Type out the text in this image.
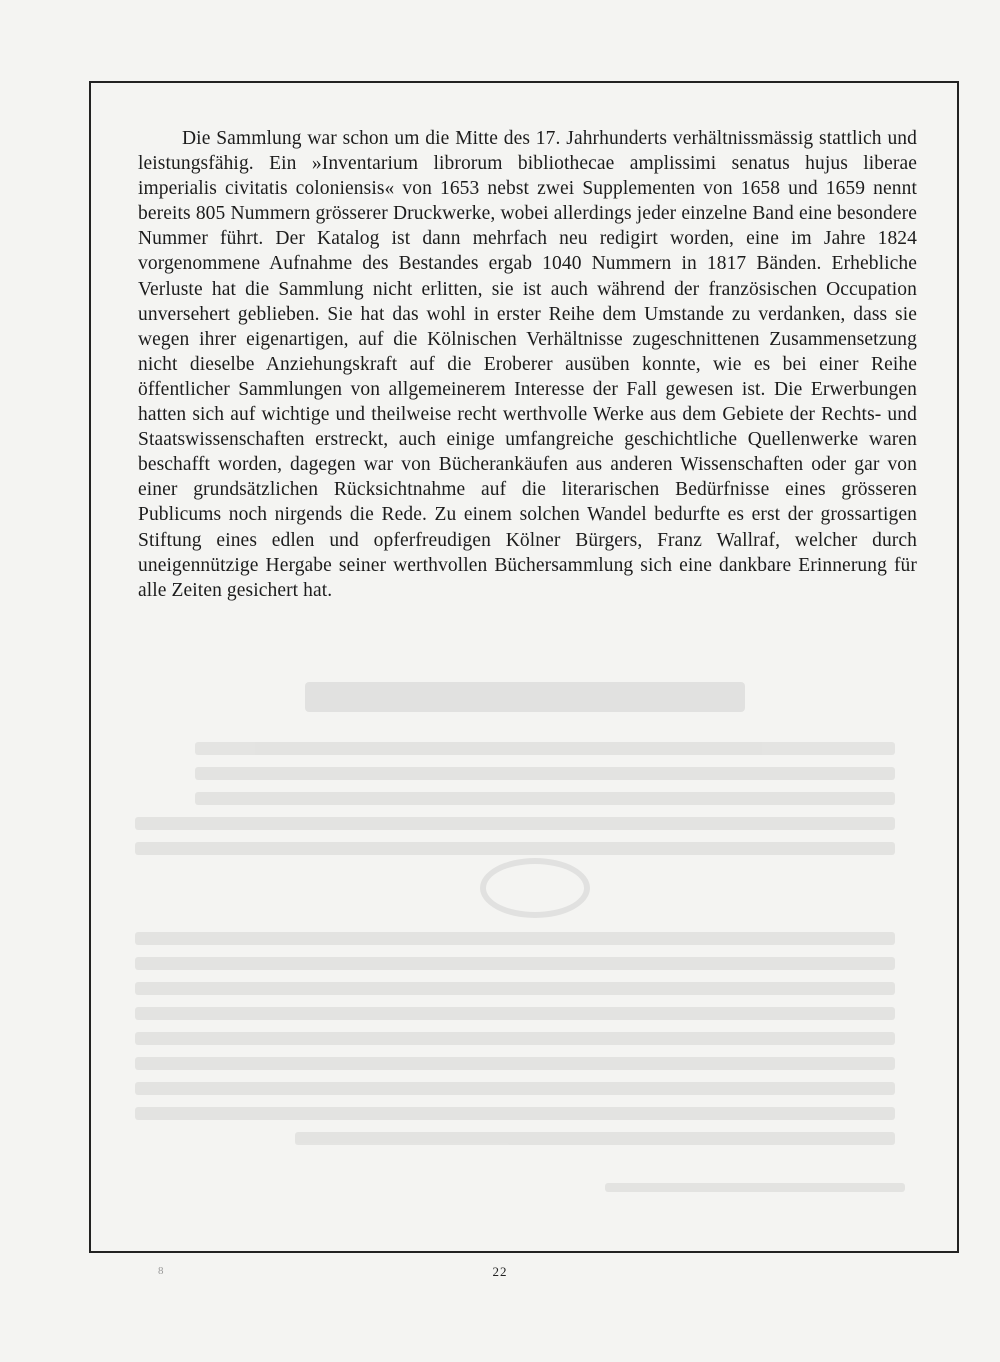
Die Sammlung war schon um die Mitte des 17. Jahrhunderts verhältnissmässig stattlich und leistungsfähig. Ein »Inventarium librorum bibliothecae amplissimi senatus hujus liberae imperialis civitatis coloniensis« von 1653 nebst zwei Supplementen von 1658 und 1659 nennt bereits 805 Nummern grösserer Druckwerke, wobei allerdings jeder einzelne Band eine besondere Nummer führt. Der Katalog ist dann mehrfach neu redigirt worden, eine im Jahre 1824 vorgenommene Aufnahme des Bestandes ergab 1040 Nummern in 1817 Bänden. Erhebliche Verluste hat die Sammlung nicht erlitten, sie ist auch während der französischen Occupation unversehert geblieben. Sie hat das wohl in erster Reihe dem Umstande zu verdanken, dass sie wegen ihrer eigenartigen, auf die Kölnischen Verhältnisse zugeschnittenen Zusammensetzung nicht dieselbe Anziehungskraft auf die Eroberer ausüben konnte, wie es bei einer Reihe öffentlicher Sammlungen von allgemeinerem Interesse der Fall gewesen ist. Die Erwerbungen hatten sich auf wichtige und theilweise recht werthvolle Werke aus dem Gebiete der Rechts- und Staatswissenschaften erstreckt, auch einige umfangreiche geschichtliche Quellenwerke waren beschafft worden, dagegen war von Bücherankäufen aus anderen Wissenschaften oder gar von einer grundsätzlichen Rücksichtnahme auf die literarischen Bedürfnisse eines grösseren Publicums noch nirgends die Rede. Zu einem solchen Wandel bedurfte es erst der grossartigen Stiftung eines edlen und opferfreudigen Kölner Bürgers, Franz Wallraf, welcher durch uneigennützige Hergabe seiner werthvollen Büchersammlung sich eine dankbare Erinnerung für alle Zeiten gesichert hat.

8	22
